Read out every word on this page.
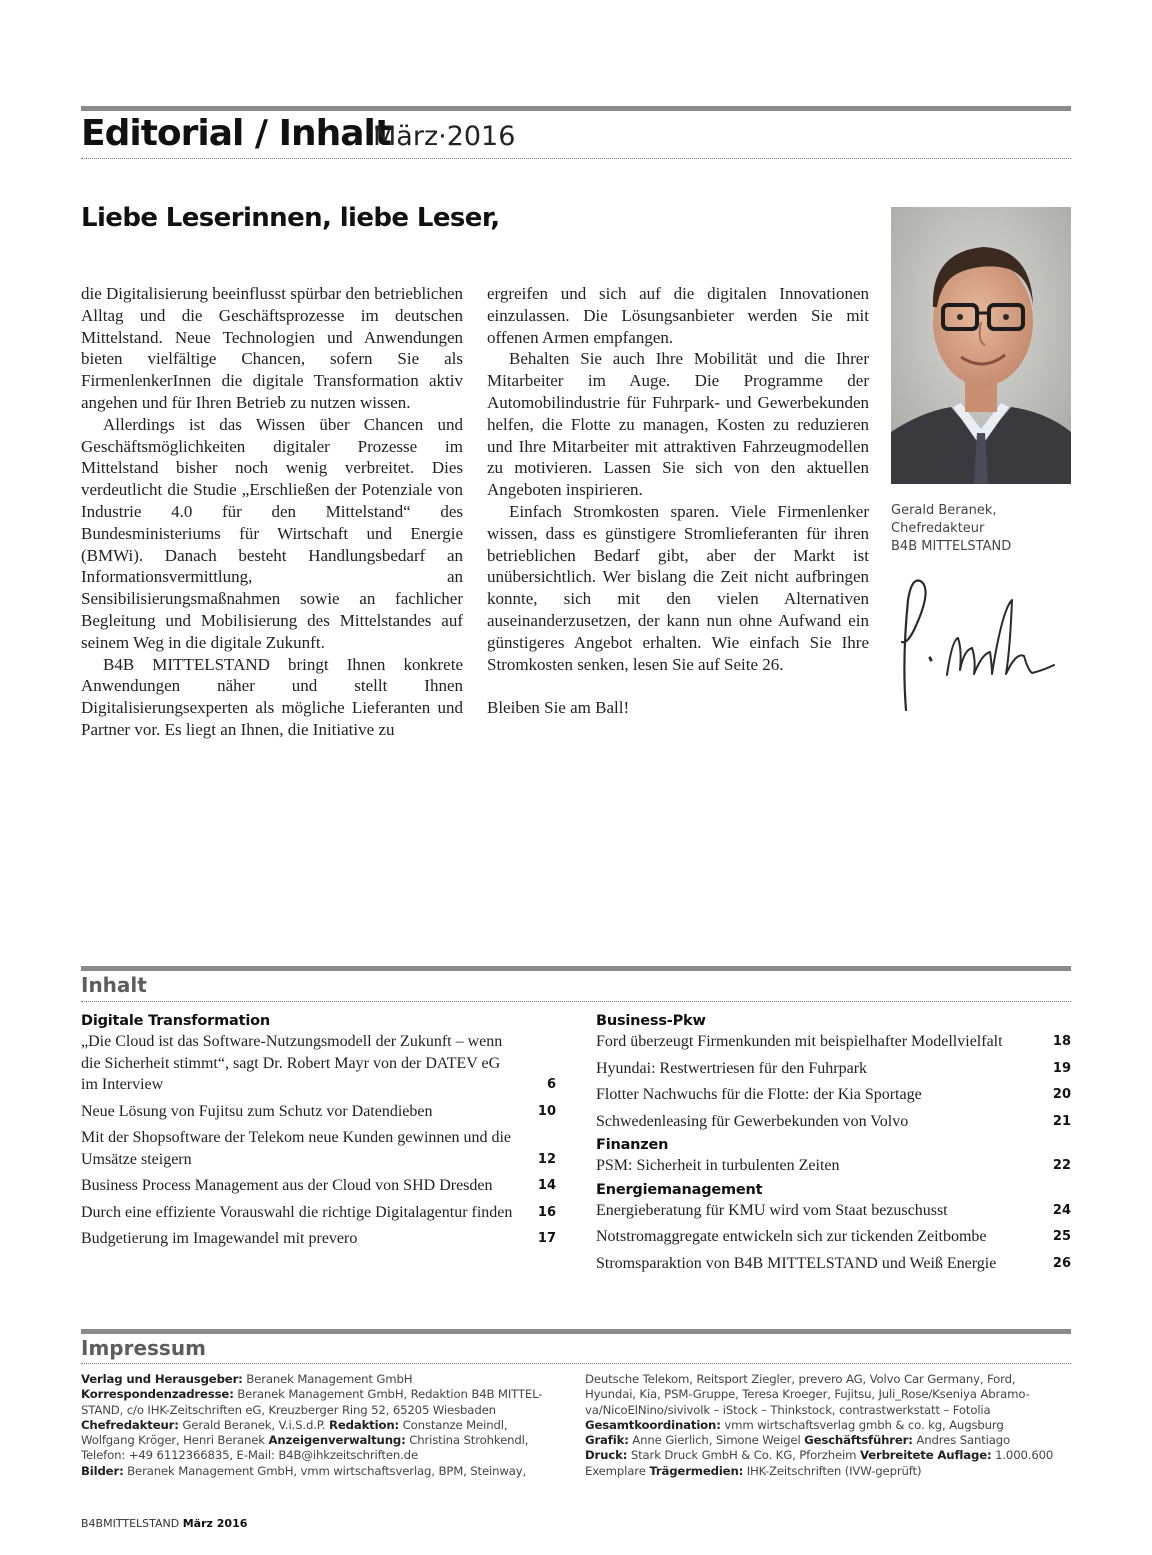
Editorial / Inhalt
März·2016
Liebe Leserinnen, liebe Leser,

die Digitalisierung beeinflusst spürbar den betrieblichen Alltag und die Geschäftsprozesse im deutschen Mittelstand. Neue Technologien und Anwendungen bieten vielfältige Chancen, sofern Sie als FirmenlenkerInnen die digitale Transformation aktiv angehen und für Ihren Betrieb zu nutzen wissen.

Allerdings ist das Wissen über Chancen und Geschäftsmöglichkeiten digitaler Prozesse im Mittelstand bisher noch wenig verbreitet. Dies verdeutlicht die Studie „Erschließen der Potenziale von Industrie 4.0 für den Mittelstand“ des Bundesministeriums für Wirtschaft und Energie (BMWi). Danach besteht Handlungsbedarf an Informationsvermittlung, an Sensibilisierungsmaßnahmen sowie an fachlicher Begleitung und Mobilisierung des Mittelstandes auf seinem Weg in die digitale Zukunft.

B4B MITTELSTAND bringt Ihnen konkrete Anwendungen näher und stellt Ihnen Digitalisierungsexperten als mögliche Lieferanten und Partner vor. Es liegt an Ihnen, die Initiative zu

ergreifen und sich auf die digitalen Innovationen einzulassen. Die Lösungsanbieter werden Sie mit offenen Armen empfangen.

Behalten Sie auch Ihre Mobilität und die Ihrer Mitarbeiter im Auge. Die Programme der Automobilindustrie für Fuhrpark- und Gewerbekunden helfen, die Flotte zu managen, Kosten zu reduzieren und Ihre Mitarbeiter mit attraktiven Fahrzeugmodellen zu motivieren. Lassen Sie sich von den aktuellen Angeboten inspirieren.

Einfach Stromkosten sparen. Viele Firmenlenker wissen, dass es günstigere Stromlieferanten für ihren betrieblichen Bedarf gibt, aber der Markt ist unübersichtlich. Wer bislang die Zeit nicht aufbringen konnte, sich mit den vielen Alternativen auseinanderzusetzen, der kann nun ohne Aufwand ein günstigeres Angebot erhalten. Wie einfach Sie Ihre Stromkosten senken, lesen Sie auf Seite 26.

Bleiben Sie am Ball!

Gerald Beranek,
Chefredakteur
B4B MITTELSTAND
Inhalt
Digitale Transformation
„Die Cloud ist das Software-Nutzungsmodell der Zukunft – wenn die Sicherheit stimmt“, sagt Dr. Robert Mayr von der DATEV eG im Interview	6
Neue Lösung von Fujitsu zum Schutz vor Datendieben	10
Mit der Shopsoftware der Telekom neue Kunden gewinnen und die Umsätze steigern	12
Business Process Management aus der Cloud von SHD Dresden	14
Durch eine effiziente Vorauswahl die richtige Digitalagentur finden 16
Budgetierung im Imagewandel mit prevero	17
Business-Pkw
Ford überzeugt Firmenkunden mit beispielhafter Modellvielfalt	18
Hyundai: Restwertriesen für den Fuhrpark	19
Flotter Nachwuchs für die Flotte: der Kia Sportage	20
Schwedenleasing für Gewerbekunden von Volvo	21
Finanzen
PSM: Sicherheit in turbulenten Zeiten	22
Energiemanagement
Energieberatung für KMU wird vom Staat bezuschusst	24
Notstromaggregate entwickeln sich zur tickenden Zeitbombe	25
Stromsparaktion von B4B MITTELSTAND und Weiß Energie	26
Impressum
Verlag und Herausgeber: Beranek Management GmbH
Korrespondenzadresse: Beranek Management GmbH, Redaktion B4B MITTEL-
STAND, c/o IHK-Zeitschriften eG, Kreuzberger Ring 52, 65205 Wiesbaden
Chefredakteur: Gerald Beranek, V.i.S.d.P. Redaktion: Constanze Meindl,
Wolfgang Kröger, Henri Beranek Anzeigenverwaltung: Christina Strohkendl,
Telefon: +49 6112366835, E-Mail: B4B@ihkzeitschriften.de
Bilder: Beranek Management GmbH, vmm wirtschaftsverlag, BPM, Steinway,
Deutsche Telekom, Reitsport Ziegler, prevero AG, Volvo Car Germany, Ford,
Hyundai, Kia, PSM-Gruppe, Teresa Kroeger, Fujitsu, Juli_Rose/Kseniya Abramo-
va/NicoElNino/sivivolk – iStock – Thinkstock, contrastwerkstatt – Fotolia
Gesamtkoordination: vmm wirtschaftsverlag gmbh & co. kg, Augsburg
Grafik: Anne Gierlich, Simone Weigel Geschäftsführer: Andres Santiago
Druck: Stark Druck GmbH & Co. KG, Pforzheim Verbreitete Auflage: 1.000.600
Exemplare Trägermedien: IHK-Zeitschriften (IVW-geprüft)
B4BMITTELSTAND März 2016
